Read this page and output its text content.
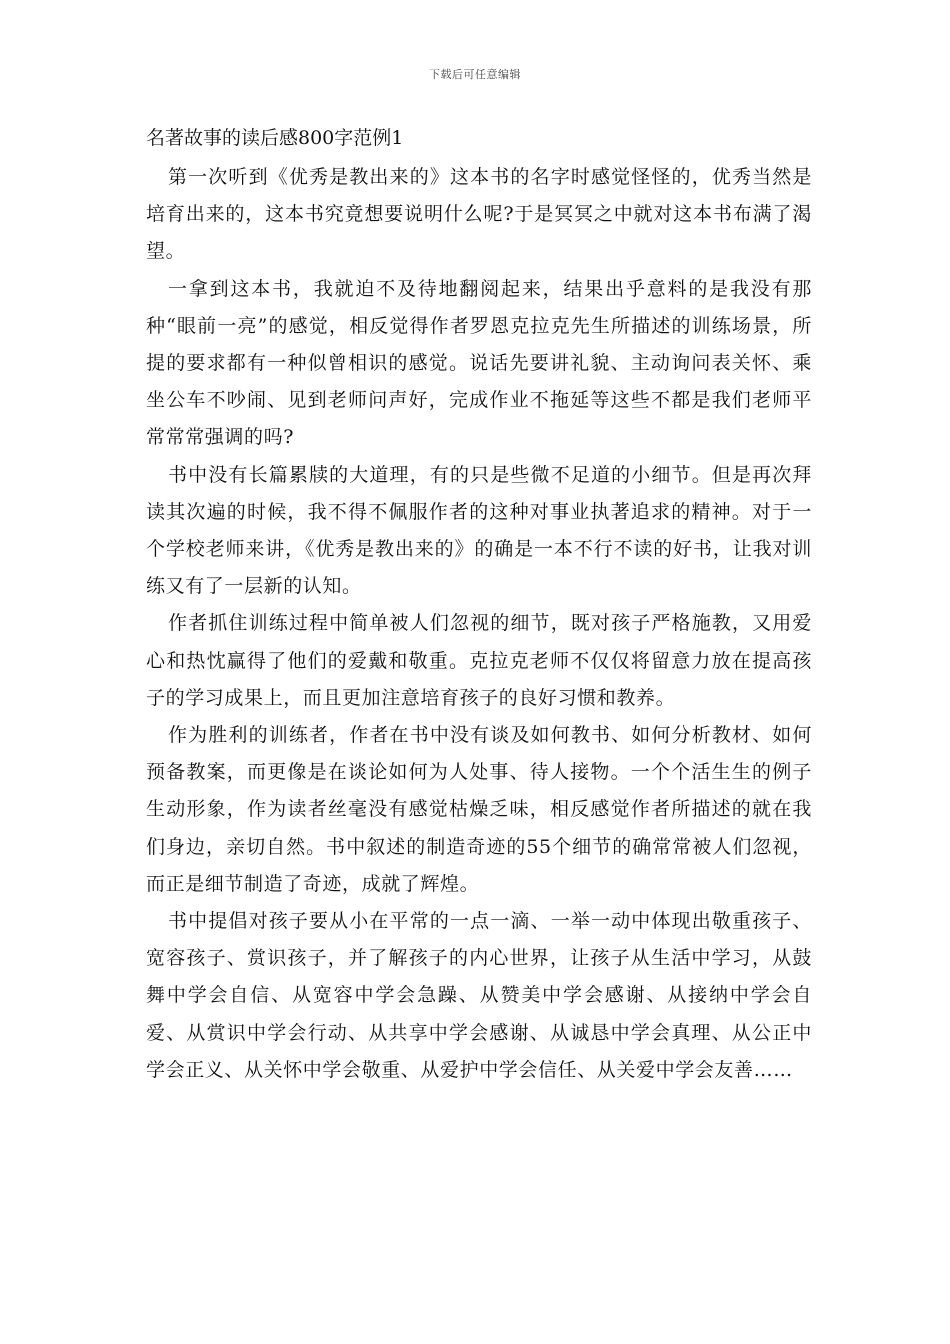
下载后可任意编辑
名著故事的读后感800字范例1

第一次听到《优秀是教出来的》这本书的名字时感觉怪怪的，优秀当然是培育出来的，这本书究竟想要说明什么呢?于是冥冥之中就对这本书布满了渴望。

一拿到这本书，我就迫不及待地翻阅起来，结果出乎意料的是我没有那种“眼前一亮”的感觉，相反觉得作者罗恩克拉克先生所描述的训练场景，所提的要求都有一种似曾相识的感觉。说话先要讲礼貌、主动询问表关怀、乘坐公车不吵闹、见到老师问声好，完成作业不拖延等这些不都是我们老师平常常常强调的吗?

书中没有长篇累牍的大道理，有的只是些微不足道的小细节。但是再次拜读其次遍的时候，我不得不佩服作者的这种对事业执著追求的精神。对于一个学校老师来讲，《优秀是教出来的》的确是一本不行不读的好书，让我对训练又有了一层新的认知。

作者抓住训练过程中简单被人们忽视的细节，既对孩子严格施教，又用爱心和热忱赢得了他们的爱戴和敬重。克拉克老师不仅仅将留意力放在提高孩子的学习成果上，而且更加注意培育孩子的良好习惯和教养。

作为胜利的训练者，作者在书中没有谈及如何教书、如何分析教材、如何预备教案，而更像是在谈论如何为人处事、待人接物。一个个活生生的例子生动形象，作为读者丝毫没有感觉枯燥乏味，相反感觉作者所描述的就在我们身边，亲切自然。书中叙述的制造奇迹的55个细节的确常常被人们忽视，而正是细节制造了奇迹，成就了辉煌。

书中提倡对孩子要从小在平常的一点一滴、一举一动中体现出敬重孩子、宽容孩子、赏识孩子，并了解孩子的内心世界，让孩子从生活中学习，从鼓舞中学会自信、从宽容中学会急躁、从赞美中学会感谢、从接纳中学会自爱、从赏识中学会行动、从共享中学会感谢、从诚恳中学会真理、从公正中学会正义、从关怀中学会敬重、从爱护中学会信任、从关爱中学会友善……
